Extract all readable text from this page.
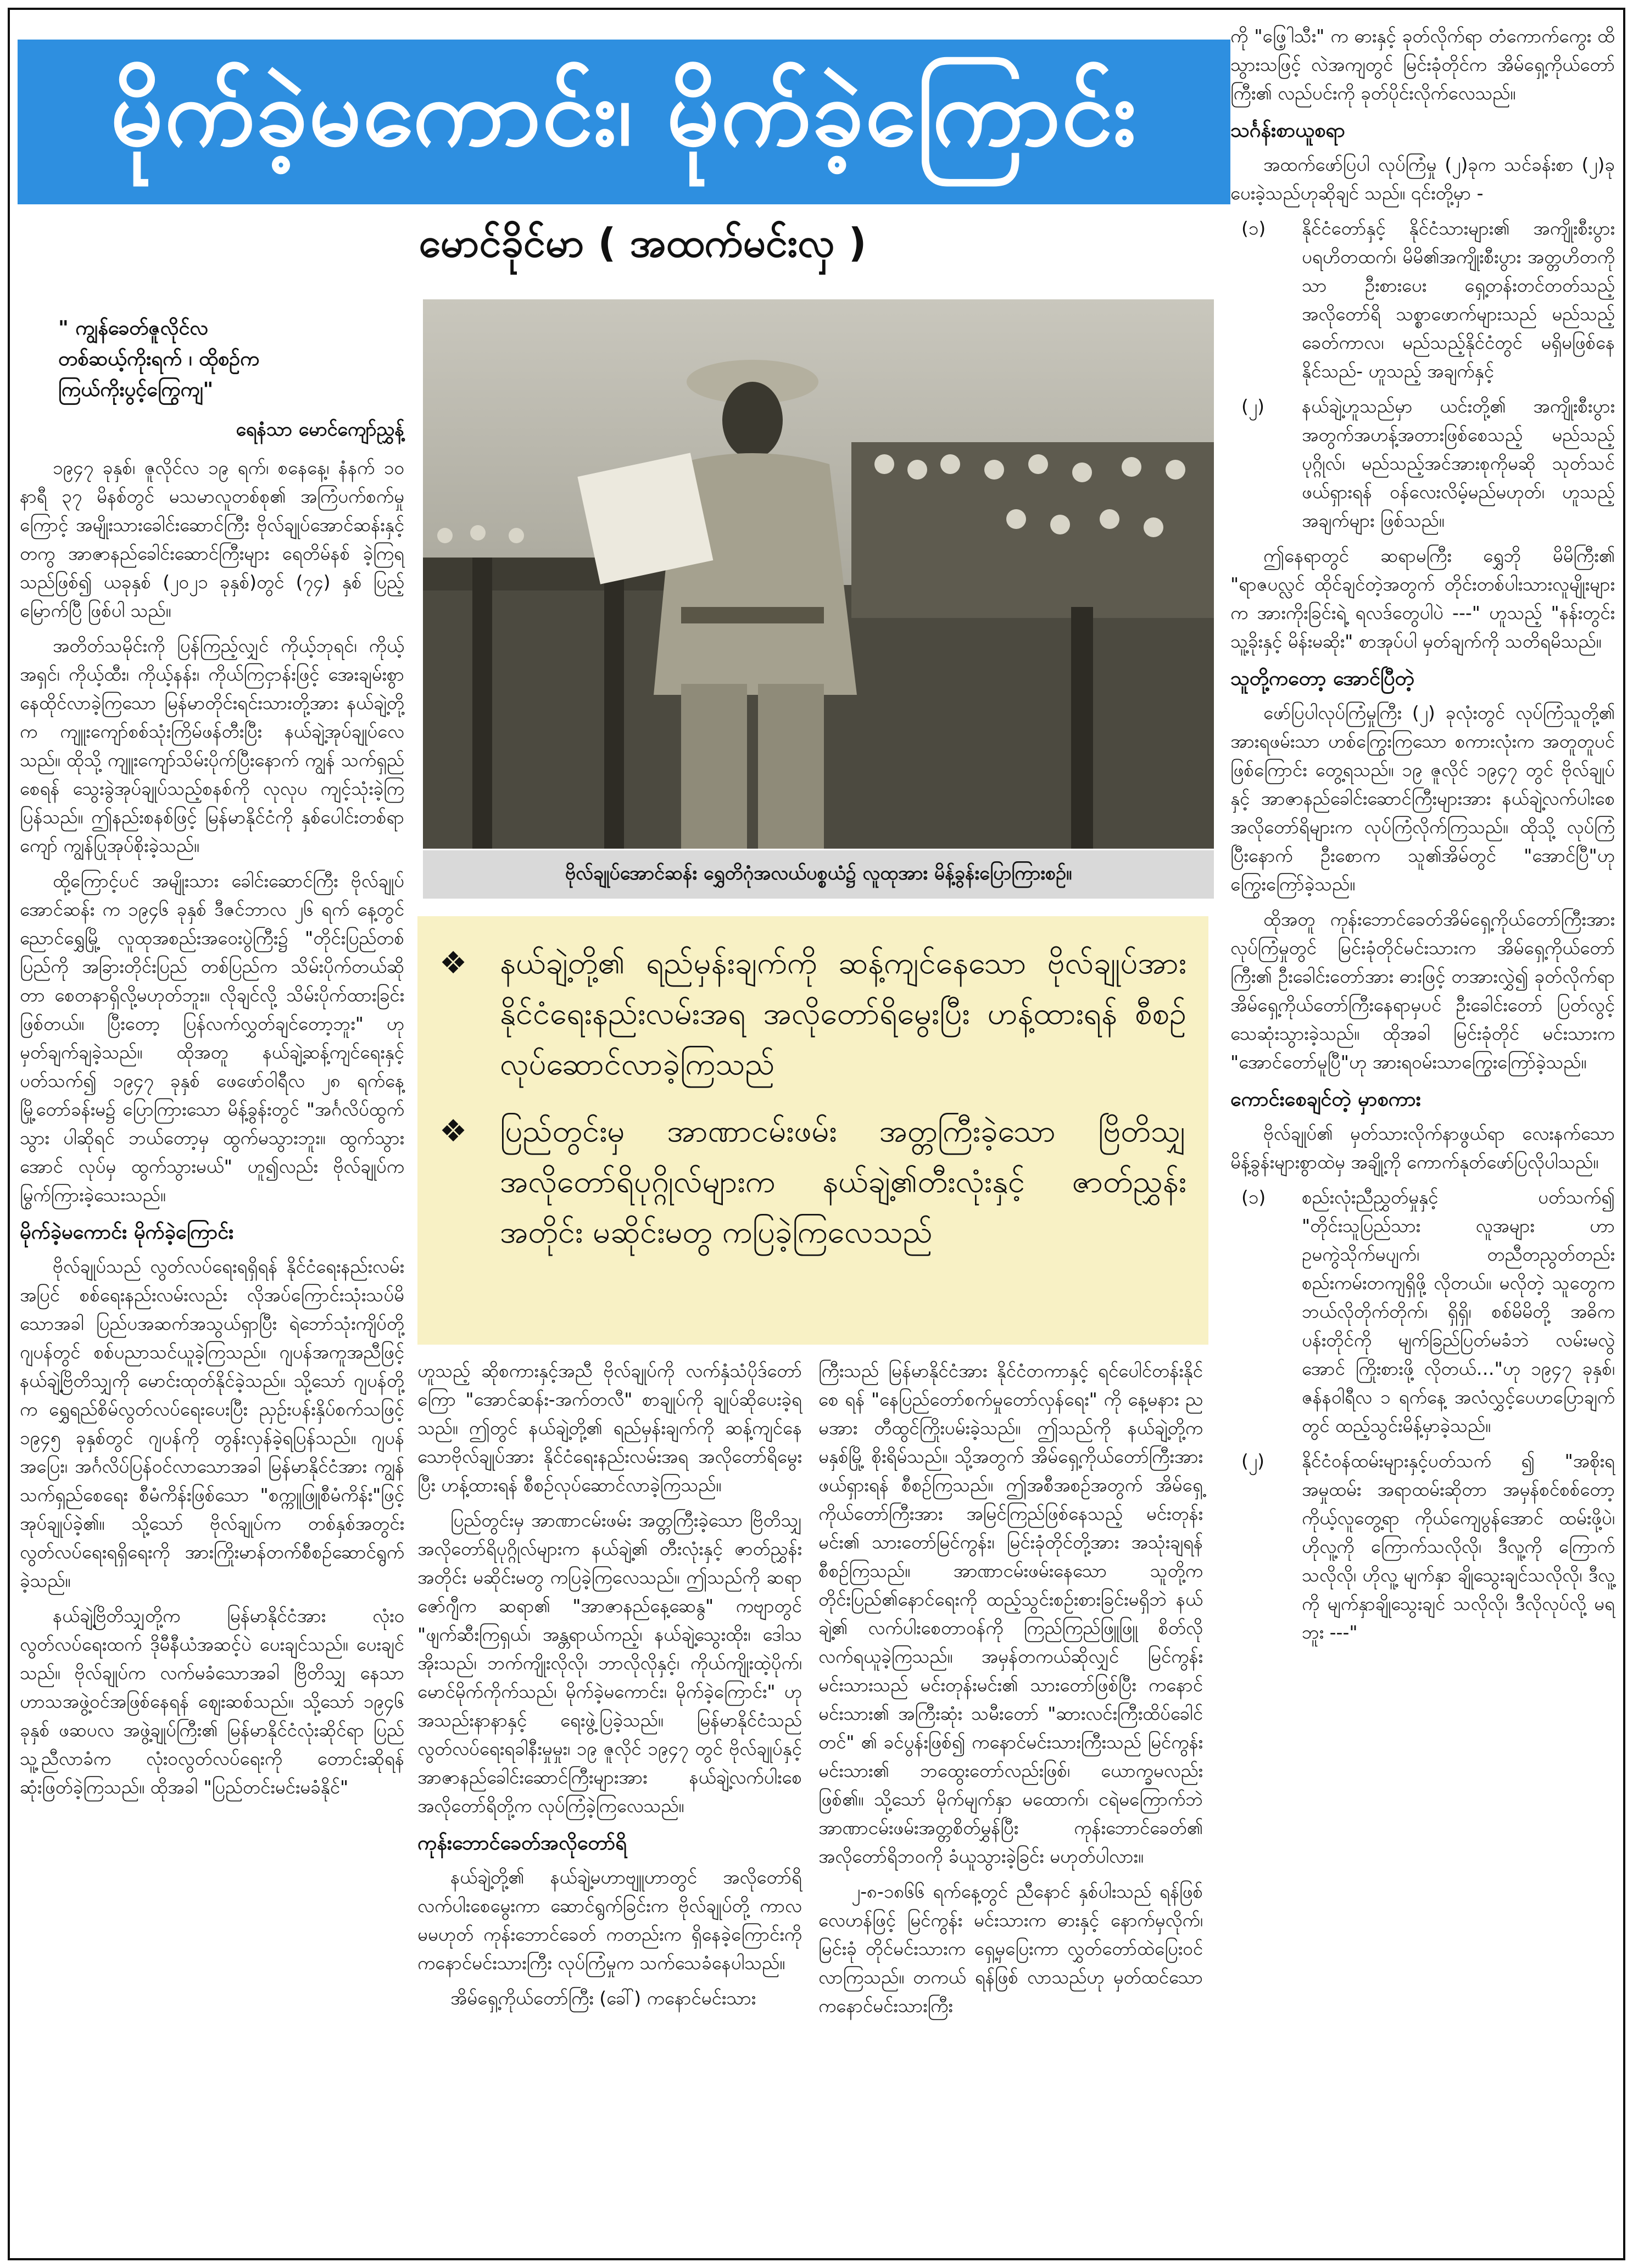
မိုက်ခဲ့မကောင်း၊ မိုက်ခဲ့ကြောင်း
မောင်ခိုင်မာ ( အထက်မင်းလှ )
ဗိုလ်ချုပ်အောင်ဆန်း ရွှေတိဂုံအလယ်ပစ္စယံ၌ လူထုအား မိန့်ခွန်းပြောကြားစဉ်။
❖	နယ်ချဲ့တို့၏ ရည်မှန်းချက်ကို ဆန့်ကျင်နေသော ဗိုလ်ချုပ်အား နိုင်ငံရေးနည်းလမ်းအရ အလိုတော်ရိမွေးပြီး ဟန့်ထားရန် စီစဉ်လုပ်ဆောင်လာခဲ့ကြသည်
❖	ပြည်တွင်းမှ အာဏာငမ်းဖမ်း အတ္တကြီးခဲ့သော ဗြိတိသျှ အလိုတော်ရိပုဂ္ဂိုလ်များက နယ်ချဲ့၏တီးလုံးနှင့် ဇာတ်ညွှန်း အတိုင်း မဆိုင်းမတွ ကပြခဲ့ကြလေသည်
" ကျွန်ခေတ်ဇူလိုင်လ
တစ်ဆယ့်ကိုးရက် ၊ ထိုစဉ်က
ကြယ်ကိုးပွင့်ကြွေကျ"
ရေနံသာ မောင်ကျော်ညွှန့်

၁၉၄၇ ခုနှစ်၊ ဇူလိုင်လ ၁၉ ရက်၊ စနေနေ့၊ နံနက် ၁၀ နာရီ ၃၇ မိနစ်တွင် မသမာလူတစ်စု၏ အကြံပက်စက်မှုကြောင့် အမျိုးသားခေါင်းဆောင်ကြီး ဗိုလ်ချုပ်အောင်ဆန်းနှင့်တကွ အာဇာနည်ခေါင်းဆောင်ကြီးများ ရေတိမ်နစ် ခဲ့ကြရသည်ဖြစ်၍ ယခုနှစ် (၂၀၂၁ ခုနှစ်)တွင် (၇၄) နှစ် ပြည့်မြောက်ပြီ ဖြစ်ပါ သည်။

အတိတ်သမိုင်းကို ပြန်ကြည့်လျှင် ကိုယ့်ဘုရင်၊ ကိုယ့်အရှင်၊ ကိုယ့်ထီး၊ ကိုယ့်နန်း၊ ကိုယ်ကြငှာန်းဖြင့် အေးချမ်းစွာ နေထိုင်လာခဲ့ကြသော မြန်မာတိုင်းရင်းသားတို့အား နယ်ချဲ့တို့က ကျူးကျော်စစ်သုံးကြိမ်ဖန်တီးပြီး နယ်ချဲ့အုပ်ချုပ်လေသည်။ ထိုသို့ ကျူးကျော်သိမ်းပိုက်ပြီးနောက် ကျွန် သက်ရှည်စေရန် သွေးခွဲအုပ်ချုပ်သည့်စနစ်ကို လုလုပ ကျင့်သုံးခဲ့ကြပြန်သည်။ ဤနည်းစနစ်ဖြင့် မြန်မာနိုင်ငံကို နှစ်ပေါင်းတစ်ရာကျော် ကျွန်ပြုအုပ်စိုးခဲ့သည်။

ထို့ကြောင့်ပင် အမျိုးသား ခေါင်းဆောင်ကြီး ဗိုလ်ချုပ်အောင်ဆန်း က ၁၉၄၆ ခုနှစ် ဒီဇင်ဘာလ ၂၆ ရက် နေ့တွင် ညောင်ရွှေမြို့ လူထုအစည်းအဝေးပွဲကြီး၌ "တိုင်းပြည်တစ်ပြည်ကို အခြားတိုင်းပြည် တစ်ပြည်က သိမ်းပိုက်တယ်ဆိုတာ စေတနာရှိလို့မဟုတ်ဘူး။ လိုချင်လို့ သိမ်းပိုက်ထားခြင်းဖြစ်တယ်။ ပြီးတော့ ပြန်လက်လွှတ်ချင်တော့ဘူး" ဟု မှတ်ချက်ချခဲ့သည်။ ထိုအတူ နယ်ချဲ့ဆန့်ကျင်ရေးနှင့် ပတ်သက်၍ ၁၉၄၇ ခုနှစ် ဖေဖော်ဝါရီလ ၂၈ ရက်နေ့ မြို့တော်ခန်းမ၌ ပြောကြားသော မိန့်ခွန်းတွင် "အင်္ဂလိပ်ထွက်သွား ပါဆိုရင် ဘယ်တော့မှ ထွက်မသွားဘူး။ ထွက်သွားအောင် လုပ်မှ ထွက်သွားမယ်" ဟူ၍လည်း ဗိုလ်ချုပ်က မြွက်ကြားခဲ့သေးသည်။

မိုက်ခဲ့မကောင်း မိုက်ခဲ့ကြောင်း

ဗိုလ်ချုပ်သည် လွတ်လပ်ရေးရရှိရန် နိုင်ငံရေးနည်းလမ်းအပြင် စစ်ရေးနည်းလမ်းလည်း လိုအပ်ကြောင်းသုံးသပ်မိသောအခါ ပြည်ပအဆက်အသွယ်ရှာပြီး ရဲဘော်သုံးကျိပ်တို့ ဂျပန်တွင် စစ်ပညာသင်ယူခဲ့ကြသည်။ ဂျပန်အကူအညီဖြင့် နယ်ချဲ့ဗြိတိသျှကို မောင်းထုတ်နိုင်ခဲ့သည်။ သို့သော် ဂျပန်တို့က ရွှေရည်စိမ်လွတ်လပ်ရေးပေးပြီး ညှဉ်းပန်းနှိပ်စက်သဖြင့် ၁၉၄၅ ခုနှစ်တွင် ဂျပန်ကို တွန်းလှန်ခဲ့ရပြန်သည်။ ဂျပန်အပြေး၊ အင်္ဂလိပ်ပြန်ဝင်လာသောအခါ မြန်မာနိုင်ငံအား ကျွန်သက်ရှည်စေရေး စီမံကိန်းဖြစ်သော "စက္ကူဖြူစီမံကိန်း"ဖြင့် အုပ်ချုပ်ခဲ့၏။ သို့သော် ဗိုလ်ချုပ်က တစ်နှစ်အတွင်း လွတ်လပ်ရေးရရှိရေးကို အားကြိုးမာန်တက်စီစဉ်ဆောင်ရွက်ခဲ့သည်။

နယ်ချဲ့ဗြိတိသျှတို့က မြန်မာနိုင်ငံအား လုံးဝလွတ်လပ်ရေးထက် ဒိုမီနီယံအဆင့်ပဲ ပေးချင်သည်။ ပေးချင်သည်။ ဗိုလ်ချုပ်က လက်မခံသောအခါ ဗြိတိသျှ နေသာဟာသအဖွဲ့ဝင်အဖြစ်နေရန် ဈေးဆစ်သည်။ သို့သော် ၁၉၄၆ ခုနှစ် ဖဆပလ အဖွဲ့ချုပ်ကြီး၏ မြန်မာနိုင်ငံလုံးဆိုင်ရာ ပြည်သူ့ညီလာခံက လုံးဝလွတ်လပ်ရေးကို တောင်းဆိုရန် ဆုံးဖြတ်ခဲ့ကြသည်။ ထိုအခါ "ပြည်တင်းမင်းမခံနိုင်"

ဟူသည့် ဆိုစကားနှင့်အညီ ဗိုလ်ချုပ်ကို လက်နှံသံပိုဒ်တော်ကြော "အောင်ဆန်း-အက်တလီ" စာချုပ်ကို ချုပ်ဆိုပေးခဲ့ရသည်။ ဤတွင် နယ်ချဲ့တို့၏ ရည်မှန်းချက်ကို ဆန့်ကျင်နေသောဗိုလ်ချုပ်အား နိုင်ငံရေးနည်းလမ်းအရ အလိုတော်ရိမွေးပြီး ဟန့်ထားရန် စီစဉ်လုပ်ဆောင်လာခဲ့ကြသည်။

ပြည်တွင်းမှ အာဏာငမ်းဖမ်း အတ္တကြီးခဲ့သော ဗြိတိသျှအလိုတော်ရိပုဂ္ဂိုလ်များက နယ်ချဲ့၏ တီးလုံးနှင့် ဇာတ်ညွှန်းအတိုင်း မဆိုင်းမတွ ကပြခဲ့ကြလေသည်။ ဤသည်ကို ဆရာဇော်ဂျီက ဆရာ၏ "အာဇာနည်နေ့ဆေနွ" ကဗျာတွင် "ဖျက်ဆီးကြရှယ်၊ အန္တရာယ်ကည့်၊ နယ်ချဲ့သွေးထိုး၊ ဒေါသအိုးသည်၊ ဘက်ကျိုးလိုလို၊ ဘာလိုလိုနှင့်၊ ကိုယ်ကျိုးထဲ့ပိုက်၊ မောင်မိုက်ကိုက်သည်၊ မိုက်ခဲ့မကောင်း၊ မိုက်ခဲ့ကြောင်း" ဟု အသည်းနာနာနှင့် ရေးဖွဲ့ပြခဲ့သည်။ မြန်မာနိုင်ငံသည် လွတ်လပ်ရေးရခါနီးမှုမှုး၊ ၁၉ ဇူလိုင် ၁၉၄၇ တွင် ဗိုလ်ချုပ်နှင့် အာဇာနည်ခေါင်းဆောင်ကြီးများအား နယ်ချဲ့လက်ပါးစေ အလိုတော်ရိတို့က လုပ်ကြံခဲ့ကြလေသည်။

ကုန်းဘောင်ခေတ်အလိုတော်ရိ

နယ်ချဲ့တို့၏ နယ်ချဲ့မဟာဗျူဟာတွင် အလိုတော်ရိလက်ပါးစေမွေးကာ ဆောင်ရွက်ခြင်းက ဗိုလ်ချုပ်တို့ ကာလမမဟုတ် ကုန်းဘောင်ခေတ် ကတည်းက ရှိနေခဲ့ကြောင်းကို ကနောင်မင်းသားကြီး လုပ်ကြံမှုက သက်သေခံနေပါသည်။

အိမ်ရှေ့ကိုယ်တော်ကြီး (ခေါ်) ကနောင်မင်းသား

ကြီးသည် မြန်မာနိုင်ငံအား နိုင်ငံတကာနှင့် ရင်ပေါင်တန်းနိုင်စေ ရန် "နေပြည်တော်စက်မှုတော်လှန်ရေး" ကို နေ့မနား ညမအား တီထွင်ကြိုးပမ်းခဲ့သည်။ ဤသည်ကို နယ်ချဲ့တို့က မနှစ်မြို့ စိုးရိမ်သည်။ သို့အတွက် အိမ်ရှေ့ကိုယ်တော်ကြီးအား ဖယ်ရှားရန် စီစဉ်ကြသည်။ ဤအစီအစဉ်အတွက် အိမ်ရှေ့ကိုယ်တော်ကြီးအား အမြင်ကြည်ဖြစ်နေသည့် မင်းတုန်းမင်း၏ သားတော်မြင်ကွန်း၊ မြင်းခုံတိုင်တို့အား အသုံးချရန် စီစဉ်ကြသည်။ အာဏာငမ်းဖမ်းနေသော သူတို့က တိုင်းပြည်၏နောင်ရေးကို ထည့်သွင်းစဉ်းစားခြင်းမရှိဘဲ နယ်ချဲ့၏ လက်ပါးစေတာဝန်ကို ကြည်ကြည်ဖြူဖြူ စိတ်လိုလက်ရယူခဲ့ကြသည်။ အမှန်တကယ်ဆိုလျှင် မြင်ကွန်းမင်းသားသည် မင်းတုန်းမင်း၏ သားတော်ဖြစ်ပြီး ကနောင်မင်းသား၏ အကြီးဆုံး သမီးတော် "ဆားလင်းကြီးထိပ်ခေါင်တင်" ၏ ခင်ပွန်းဖြစ်၍ ကနောင်မင်းသားကြီးသည် မြင်ကွန်းမင်းသား၏ ဘထွေးတော်လည်းဖြစ်၊ ယောက္ခမလည်း ဖြစ်၏။ သို့သော် မိုက်မျက်နှာ မထောက်၊ ငရဲမကြောက်ဘဲ အာဏာငမ်းဖမ်းအတ္တစိတ်မွှန်ပြီး ကုန်းဘောင်ခေတ်၏ အလိုတော်ရိဘဝကို ခံယူသွားခဲ့ခြင်း မဟုတ်ပါလား။

၂-၈-၁၈၆၆ ရက်နေ့တွင် ညီနောင် နှစ်ပါးသည် ရန်ဖြစ်လေဟန်ဖြင့် မြင်ကွန်း မင်းသားက ဓားနှင့် နောက်မှလိုက်၊ မြင်းခုံ တိုင်မင်းသားက ရှေ့မှပြေးကာ လွှတ်တော်ထဲပြေးဝင်လာကြသည်။ တကယ် ရန်ဖြစ် လာသည်ဟု မှတ်ထင်သော ကနောင်မင်းသားကြီး

ကို "ဖြေ့ါသီး" က ဓားနှင့် ခုတ်လိုက်ရာ တံကောက်ကွေး ထိသွားသဖြင့် လဲအကျတွင် မြင်းခုံတိုင်က အိမ်ရှေ့ကိုယ်တော်ကြီး၏ လည်ပင်းကို ခုတ်ပိုင်းလိုက်လေသည်။

သင်္ဂန်းစာယူစရာ

အထက်ဖော်ပြပါ လုပ်ကြံမှု (၂)ခုက သင်ခန်းစာ (၂)ခု ပေးခဲ့သည်ဟုဆိုချင် သည်။ ၎င်းတို့မှာ -

(၁)	နိုင်ငံတော်နှင့် နိုင်ငံသားများ၏ အကျိုးစီးပွား ပရဟိတထက်၊ မိမိ၏အကျိုးစီးပွား အတ္တဟိတကိုသာ ဦးစားပေး ရှေ့တန်းတင်တတ်သည့် အလိုတော်ရိ သစ္စာဖောက်များသည် မည်သည့်ခေတ်ကာလ၊ မည်သည့်နိုင်ငံတွင် မရှိမဖြစ်နေနိုင်သည်- ဟူသည့် အချက်နှင့်
(၂)	နယ်ချဲ့ဟူသည်မှာ ယင်းတို့၏ အကျိုးစီးပွားအတွက်အဟန့်အတားဖြစ်စေသည့် မည်သည့် ပုဂ္ဂိုလ်၊ မည်သည့်အင်အားစုကိုမဆို သုတ်သင်ဖယ်ရှားရန် ဝန်လေးလိမ့်မည်မဟုတ်၊ ဟူသည့်အချက်များ ဖြစ်သည်။

ဤနေရာတွင် ဆရာမကြီး ရွှေဘို မိမိကြီး၏ "ရာဇပလ္လင် ထိုင်ချင်တဲ့အတွက် တိုင်းတစ်ပါးသားလူမျိုးများက အားကိုးခြင်းရဲ့ ရလဒ်တွေပါပဲ ---" ဟူသည့် "နန်းတွင်းသူ့ခိုးနှင့် မိန်းမဆိုး" စာအုပ်ပါ မှတ်ချက်ကို သတိရမိသည်။

သူတို့ကတော့ အောင်ပြီတဲ့

ဖော်ပြပါလုပ်ကြံမှုကြီး (၂) ခုလုံးတွင် လုပ်ကြံသူတို့၏ အားရဖမ်းသာ ဟစ်ကြွေးကြသော စကားလုံးက အတူတူပင်ဖြစ်ကြောင်း တွေ့ရသည်။ ၁၉ ဇူလိုင် ၁၉၄၇ တွင် ဗိုလ်ချုပ်နှင့် အာဇာနည်ခေါင်းဆောင်ကြီးများအား နယ်ချဲ့လက်ပါးစေ အလိုတော်ရိများက လုပ်ကြံလိုက်ကြသည်။ ထိုသို့ လုပ်ကြံပြီးနောက် ဦးစောက သူ၏အိမ်တွင် "အောင်ပြီ"ဟု ကြွေးကြော်ခဲ့သည်။

ထိုအတူ ကုန်းဘောင်ခေတ်အိမ်ရှေ့ကိုယ်တော်ကြီးအား လုပ်ကြံမှုတွင် မြင်းခုံတိုင်မင်းသားက အိမ်ရှေ့ကိုယ်တော်ကြီး၏ ဦးခေါင်းတော်အား ဓားဖြင့် တအားလွှဲ၍ ခုတ်လိုက်ရာ အိမ်ရှေ့ကိုယ်တော်ကြီးနေရာမှပင် ဦးခေါင်းတော် ပြတ်လွင့် သေဆုံးသွားခဲ့သည်။ ထိုအခါ မြင်းခုံတိုင် မင်းသားက "အောင်တော်မူပြီ"ဟု အားရဝမ်းသာကြွေးကြော်ခဲ့သည်။

ကောင်းစေချင်တဲ့ မှာစကား

ဗိုလ်ချုပ်၏ မှတ်သားလိုက်နာဖွယ်ရာ လေးနက်သော မိန့်ခွန်းများစွာထဲမှ အချို့ကို ကောက်နုတ်ဖော်ပြလိုပါသည်။

(၁)	စည်းလုံးညီညွှတ်မှုနှင့် ပတ်သက်၍ "တိုင်းသူပြည်သား လူအများ ဟာ ဥမကွဲသိုက်မပျက်၊ တညီတညွတ်တည်း စည်းကမ်းတကျရှိဖို့ လိုတယ်။ မလိုတဲ့ သူတွေက ဘယ်လိုတိုက်တိုက်၊ ရှိရှိ၊ စစ်မိမိတို့ အဓိက ပန်းတိုင်ကို မျက်ခြည်ပြတ်မခံဘဲ လမ်းမလွဲအောင် ကြိုးစားဖို့ လိုတယ်…"ဟု ၁၉၄၇ ခုနှစ်၊ ဇန်နဝါရီလ ၁ ရက်နေ့ အလံလွှင့်ပေဟပြောချက်တွင် ထည့်သွင်းမိန့်မှာခဲ့သည်။
(၂)	နိုင်ငံဝန်ထမ်းများနှင့်ပတ်သက် ၍ "အစိုးရအမှုထမ်း အရာထမ်းဆိုတာ အမှန်စင်စစ်တော့ ကိုယ့်လူတွေ့ရာ ကိုယ်ကျေပွန်အောင် ထမ်းဖို့ပဲ၊ ဟိုလူ့ကို ကြောက်သလိုလို၊ ဒီလူ့ကို ကြောက်သလိုလို၊ ဟိုလူ့ မျက်နှာ ချိုသွေးချင်သလိုလို၊ ဒီလူ့ကို မျက်နှာချိုသွေးချင် သလိုလို၊ ဒီလိုလုပ်လို့ မရဘူး ---"
